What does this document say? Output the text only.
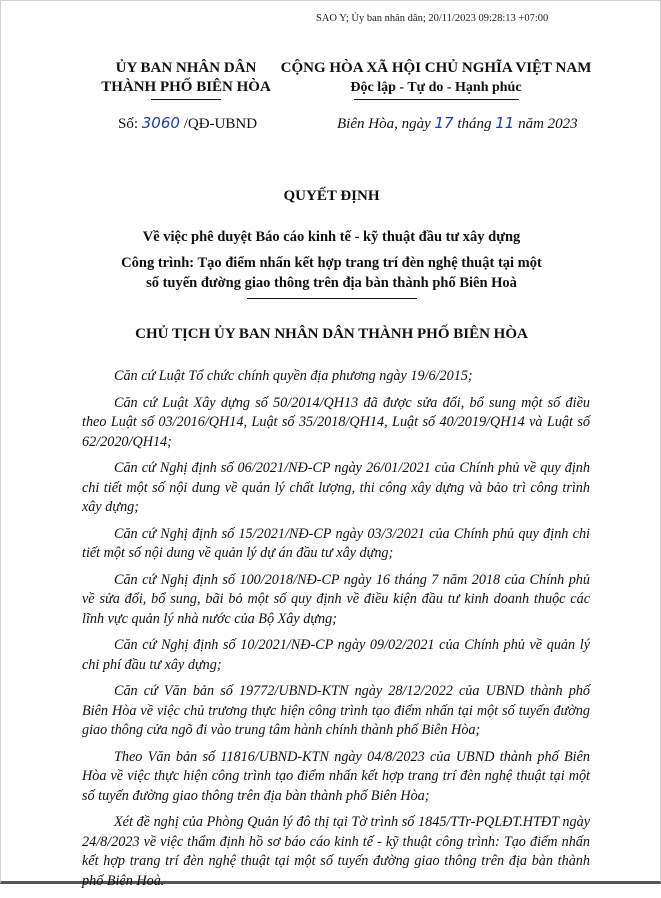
SAO Y; Ủy ban nhân dân; 20/11/2023 09:28:13 +07:00
ỦY BAN NHÂN DÂN
THÀNH PHỐ BIÊN HÒA
CỘNG HÒA XÃ HỘI CHỦ NGHĨA VIỆT NAM
Độc lập - Tự do - Hạnh phúc
Số: 3060 /QĐ-UBND	Biên Hòa, ngày 17 tháng 11 năm 2023
QUYẾT ĐỊNH
Về việc phê duyệt Báo cáo kinh tế - kỹ thuật đầu tư xây dựng
Công trình: Tạo điểm nhấn kết hợp trang trí đèn nghệ thuật tại một số tuyến đường giao thông trên địa bàn thành phố Biên Hoà
CHỦ TỊCH ỦY BAN NHÂN DÂN THÀNH PHỐ BIÊN HÒA

Căn cứ Luật Tổ chức chính quyền địa phương ngày 19/6/2015;

Căn cứ Luật Xây dựng số 50/2014/QH13 đã được sửa đổi, bổ sung một số điều theo Luật số 03/2016/QH14, Luật số 35/2018/QH14, Luật số 40/2019/QH14 và Luật số 62/2020/QH14;

Căn cứ Nghị định số 06/2021/NĐ-CP ngày 26/01/2021 của Chính phủ về quy định chi tiết một số nội dung về quản lý chất lượng, thi công xây dựng và bảo trì công trình xây dựng;

Căn cứ Nghị định số 15/2021/NĐ-CP ngày 03/3/2021 của Chính phủ quy định chi tiết một số nội dung về quản lý dự án đầu tư xây dựng;

Căn cứ Nghị định số 100/2018/NĐ-CP ngày 16 tháng 7 năm 2018 của Chính phủ về sửa đổi, bổ sung, bãi bỏ một số quy định về điều kiện đầu tư kinh doanh thuộc các lĩnh vực quản lý nhà nước của Bộ Xây dựng;

Căn cứ Nghị định số 10/2021/NĐ-CP ngày 09/02/2021 của Chính phủ về quản lý chi phí đầu tư xây dựng;

Căn cứ Văn bản số 19772/UBND-KTN ngày 28/12/2022 của UBND thành phố Biên Hòa về việc chủ trương thực hiện công trình tạo điểm nhấn tại một số tuyến đường giao thông cửa ngõ đi vào trung tâm hành chính thành phố Biên Hòa;

Theo Văn bản số 11816/UBND-KTN ngày 04/8/2023 của UBND thành phố Biên Hòa về việc thực hiện công trình tạo điểm nhấn kết hợp trang trí đèn nghệ thuật tại một số tuyến đường giao thông trên địa bàn thành phố Biên Hòa;

Xét đề nghị của Phòng Quản lý đô thị tại Tờ trình số 1845/TTr-PQLĐT.HTĐT ngày 24/8/2023 về việc thẩm định hồ sơ báo cáo kinh tế - kỹ thuật công trình: Tạo điểm nhấn kết hợp trang trí đèn nghệ thuật tại một số tuyến đường giao thông trên địa bàn thành phố Biên Hoà.
